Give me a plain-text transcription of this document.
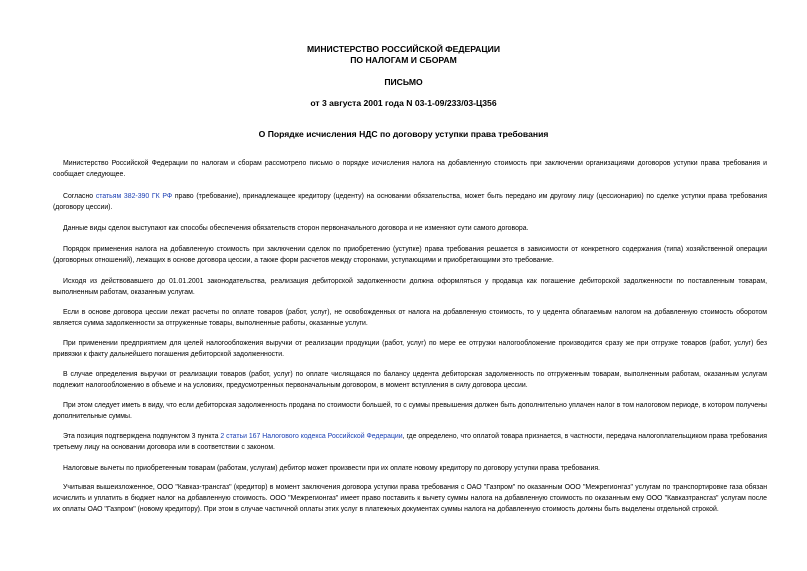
МИНИСТЕРСТВО РОССИЙСКОЙ ФЕДЕРАЦИИ
ПО НАЛОГАМ И СБОРАМ
ПИСЬМО
от 3 августа 2001 года N 03-1-09/233/03-Ц356
О Порядке исчисления НДС по договору уступки права требования
Министерство Российской Федерации по налогам и сборам рассмотрело письмо о порядке исчисления налога на добавленную стоимость при заключении организациями договоров уступки права требования и сообщает следующее.
Согласно статьям 382-390 ГК РФ право (требование), принадлежащее кредитору (цеденту) на основании обязательства, может быть передано им другому лицу (цессионарию) по сделке уступки права требования (договору цессии).
Данные виды сделок выступают как способы обеспечения обязательств сторон первоначального договора и не изменяют сути самого договора.
Порядок применения налога на добавленную стоимость при заключении сделок по приобретению (уступке) права требования решается в зависимости от конкретного содержания (типа) хозяйственной операции (договорных отношений), лежащих в основе договора цессии, а также форм расчетов между сторонами, уступающими и приобретающими это требование.
Исходя из действовавшего до 01.01.2001 законодательства, реализация дебиторской задолженности должна оформляться у продавца как погашение дебиторской задолженности по поставленным товарам, выполненным работам, оказанным услугам.
Если в основе договора цессии лежат расчеты по оплате товаров (работ, услуг), не освобожденных от налога на добавленную стоимость, то у цедента облагаемым налогом на добавленную стоимость оборотом является сумма задолженности за отгруженные товары, выполненные работы, оказанные услуги.
При применении предприятием для целей налогообложения выручки от реализации продукции (работ, услуг) по мере ее отгрузки налогообложение производится сразу же при отгрузке товаров (работ, услуг) без привязки к факту дальнейшего погашения дебиторской задолженности.
В случае определения выручки от реализации товаров (работ, услуг) по оплате числящаяся по балансу цедента дебиторская задолженность по отгруженным товарам, выполненным работам, оказанным услугам подлежит налогообложению в объеме и на условиях, предусмотренных первоначальным договором, в момент вступления в силу договора цессии.
При этом следует иметь в виду, что если дебиторская задолженность продана по стоимости большей, то с суммы превышения должен быть дополнительно уплачен налог в том налоговом периоде, в котором получены дополнительные суммы.
Эта позиция подтверждена подпунктом 3 пункта 2 статьи 167 Налогового кодекса Российской Федерации, где определено, что оплатой товара признается, в частности, передача налогоплательщиком права требования третьему лицу на основании договора или в соответствии с законом.
Налоговые вычеты по приобретенным товарам (работам, услугам) дебитор может произвести при их оплате новому кредитору по договору уступки права требования.
Учитывая вышеизложенное, ООО "Кавказ-трансгаз" (кредитор) в момент заключения договора уступки права требования с ОАО "Газпром" по оказанным ООО "Межрегионгаз" услугам по транспортировке газа обязан исчислить и уплатить в бюджет налог на добавленную стоимость. ООО "Межрегионгаз" имеет право поставить к вычету суммы налога на добавленную стоимость по оказанным ему ООО "Кавказтрансгаз" услугам после их оплаты ОАО "Газпром" (новому кредитору). При этом в случае частичной оплаты этих услуг в платежных документах суммы налога на добавленную стоимость должны быть выделены отдельной строкой.
